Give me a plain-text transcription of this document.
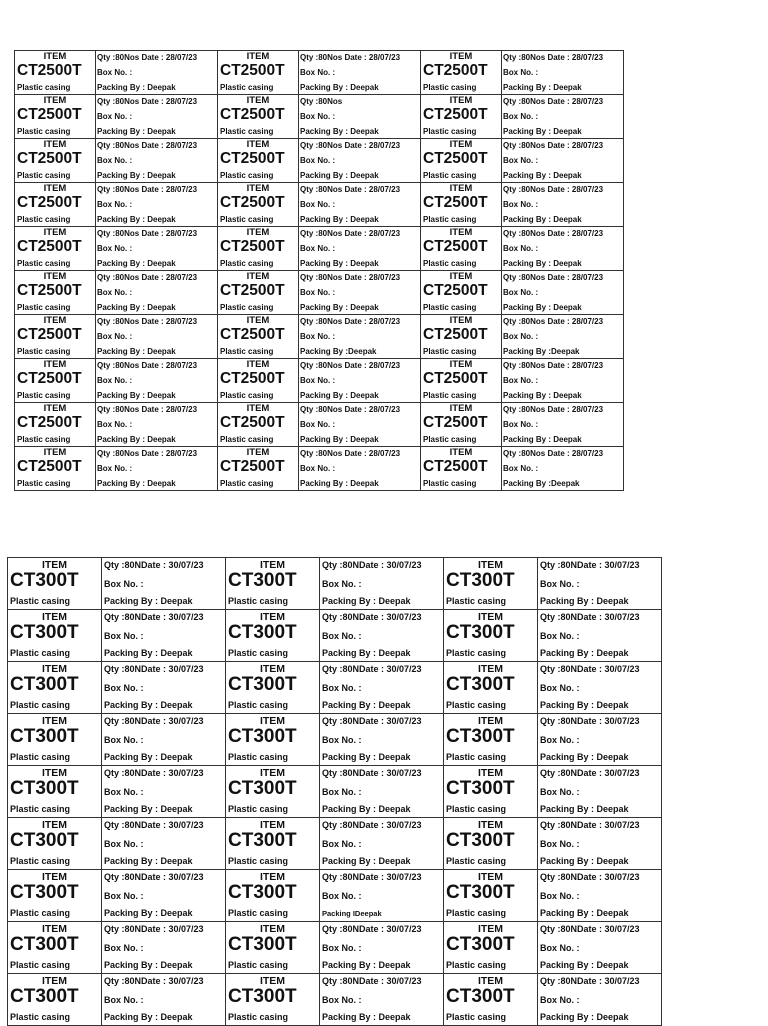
ITEM
CT2500T
Plastic casing
Qty :80Nos Date : 28/07/23
Box No. :
Packing By : Deepak
ITEM
CT2500T
Plastic casing
Qty :80Nos Date : 28/07/23
Box No. :
Packing By : Deepak
ITEM
CT2500T
Plastic casing
Qty :80Nos Date : 28/07/23
Box No. :
Packing By : Deepak
ITEM
CT2500T
Plastic casing
Qty :80Nos Date : 28/07/23
Box No. :
Packing By : Deepak
ITEM
CT2500T
Plastic casing
Qty :80Nos
Box No. :
Packing By : Deepak
ITEM
CT2500T
Plastic casing
Qty :80Nos Date : 28/07/23
Box No. :
Packing By : Deepak
ITEM
CT2500T
Plastic casing
Qty :80Nos Date : 28/07/23
Box No. :
Packing By : Deepak
ITEM
CT2500T
Plastic casing
Qty :80Nos Date : 28/07/23
Box No. :
Packing By : Deepak
ITEM
CT2500T
Plastic casing
Qty :80Nos Date : 28/07/23
Box No. :
Packing By : Deepak
ITEM
CT2500T
Plastic casing
Qty :80Nos Date : 28/07/23
Box No. :
Packing By : Deepak
ITEM
CT2500T
Plastic casing
Qty :80Nos Date : 28/07/23
Box No. :
Packing By : Deepak
ITEM
CT2500T
Plastic casing
Qty :80Nos Date : 28/07/23
Box No. :
Packing By : Deepak
ITEM
CT2500T
Plastic casing
Qty :80Nos Date : 28/07/23
Box No. :
Packing By : Deepak
ITEM
CT2500T
Plastic casing
Qty :80Nos Date : 28/07/23
Box No. :
Packing By : Deepak
ITEM
CT2500T
Plastic casing
Qty :80Nos Date : 28/07/23
Box No. :
Packing By : Deepak
ITEM
CT2500T
Plastic casing
Qty :80Nos Date : 28/07/23
Box No. :
Packing By : Deepak
ITEM
CT2500T
Plastic casing
Qty :80Nos Date : 28/07/23
Box No. :
Packing By : Deepak
ITEM
CT2500T
Plastic casing
Qty :80Nos Date : 28/07/23
Box No. :
Packing By : Deepak
ITEM
CT2500T
Plastic casing
Qty :80Nos Date : 28/07/23
Box No. :
Packing By : Deepak
ITEM
CT2500T
Plastic casing
Qty :80Nos Date : 28/07/23
Box No. :
Packing By :Deepak
ITEM
CT2500T
Plastic casing
Qty :80Nos Date : 28/07/23
Box No. :
Packing By :Deepak
ITEM
CT2500T
Plastic casing
Qty :80Nos Date : 28/07/23
Box No. :
Packing By : Deepak
ITEM
CT2500T
Plastic casing
Qty :80Nos Date : 28/07/23
Box No. :
Packing By : Deepak
ITEM
CT2500T
Plastic casing
Qty :80Nos Date : 28/07/23
Box No. :
Packing By : Deepak
ITEM
CT2500T
Plastic casing
Qty :80Nos Date : 28/07/23
Box No. :
Packing By : Deepak
ITEM
CT2500T
Plastic casing
Qty :80Nos Date : 28/07/23
Box No. :
Packing By : Deepak
ITEM
CT2500T
Plastic casing
Qty :80Nos Date : 28/07/23
Box No. :
Packing By : Deepak
ITEM
CT2500T
Plastic casing
Qty :80Nos Date : 28/07/23
Box No. :
Packing By : Deepak
ITEM
CT2500T
Plastic casing
Qty :80Nos Date : 28/07/23
Box No. :
Packing By : Deepak
ITEM
CT2500T
Plastic casing
Qty :80Nos Date : 28/07/23
Box No. :
Packing By :Deepak
ITEM
CT300T
Plastic casing
Qty :80NDate : 30/07/23
Box No. :
Packing By : Deepak
ITEM
CT300T
Plastic casing
Qty :80NDate : 30/07/23
Box No. :
Packing By : Deepak
ITEM
CT300T
Plastic casing
Qty :80NDate : 30/07/23
Box No. :
Packing By : Deepak
ITEM
CT300T
Plastic casing
Qty :80NDate : 30/07/23
Box No. :
Packing By : Deepak
ITEM
CT300T
Plastic casing
Qty :80NDate : 30/07/23
Box No. :
Packing By : Deepak
ITEM
CT300T
Plastic casing
Qty :80NDate : 30/07/23
Box No. :
Packing By : Deepak
ITEM
CT300T
Plastic casing
Qty :80NDate : 30/07/23
Box No. :
Packing By : Deepak
ITEM
CT300T
Plastic casing
Qty :80NDate : 30/07/23
Box No. :
Packing By : Deepak
ITEM
CT300T
Plastic casing
Qty :80NDate : 30/07/23
Box No. :
Packing By : Deepak
ITEM
CT300T
Plastic casing
Qty :80NDate : 30/07/23
Box No. :
Packing By : Deepak
ITEM
CT300T
Plastic casing
Qty :80NDate : 30/07/23
Box No. :
Packing By : Deepak
ITEM
CT300T
Plastic casing
Qty :80NDate : 30/07/23
Box No. :
Packing By : Deepak
ITEM
CT300T
Plastic casing
Qty :80NDate : 30/07/23
Box No. :
Packing By : Deepak
ITEM
CT300T
Plastic casing
Qty :80NDate : 30/07/23
Box No. :
Packing By : Deepak
ITEM
CT300T
Plastic casing
Qty :80NDate : 30/07/23
Box No. :
Packing By : Deepak
ITEM
CT300T
Plastic casing
Qty :80NDate : 30/07/23
Box No. :
Packing By : Deepak
ITEM
CT300T
Plastic casing
Qty :80NDate : 30/07/23
Box No. :
Packing By : Deepak
ITEM
CT300T
Plastic casing
Qty :80NDate : 30/07/23
Box No. :
Packing By : Deepak
ITEM
CT300T
Plastic casing
Qty :80NDate : 30/07/23
Box No. :
Packing By : Deepak
ITEM
CT300T
Plastic casing
Qty :80NDate : 30/07/23
Box No. :
Packing IDeepak
ITEM
CT300T
Plastic casing
Qty :80NDate : 30/07/23
Box No. :
Packing By : Deepak
ITEM
CT300T
Plastic casing
Qty :80NDate : 30/07/23
Box No. :
Packing By : Deepak
ITEM
CT300T
Plastic casing
Qty :80NDate : 30/07/23
Box No. :
Packing By : Deepak
ITEM
CT300T
Plastic casing
Qty :80NDate : 30/07/23
Box No. :
Packing By : Deepak
ITEM
CT300T
Plastic casing
Qty :80NDate : 30/07/23
Box No. :
Packing By : Deepak
ITEM
CT300T
Plastic casing
Qty :80NDate : 30/07/23
Box No. :
Packing By : Deepak
ITEM
CT300T
Plastic casing
Qty :80NDate : 30/07/23
Box No. :
Packing By : Deepak
